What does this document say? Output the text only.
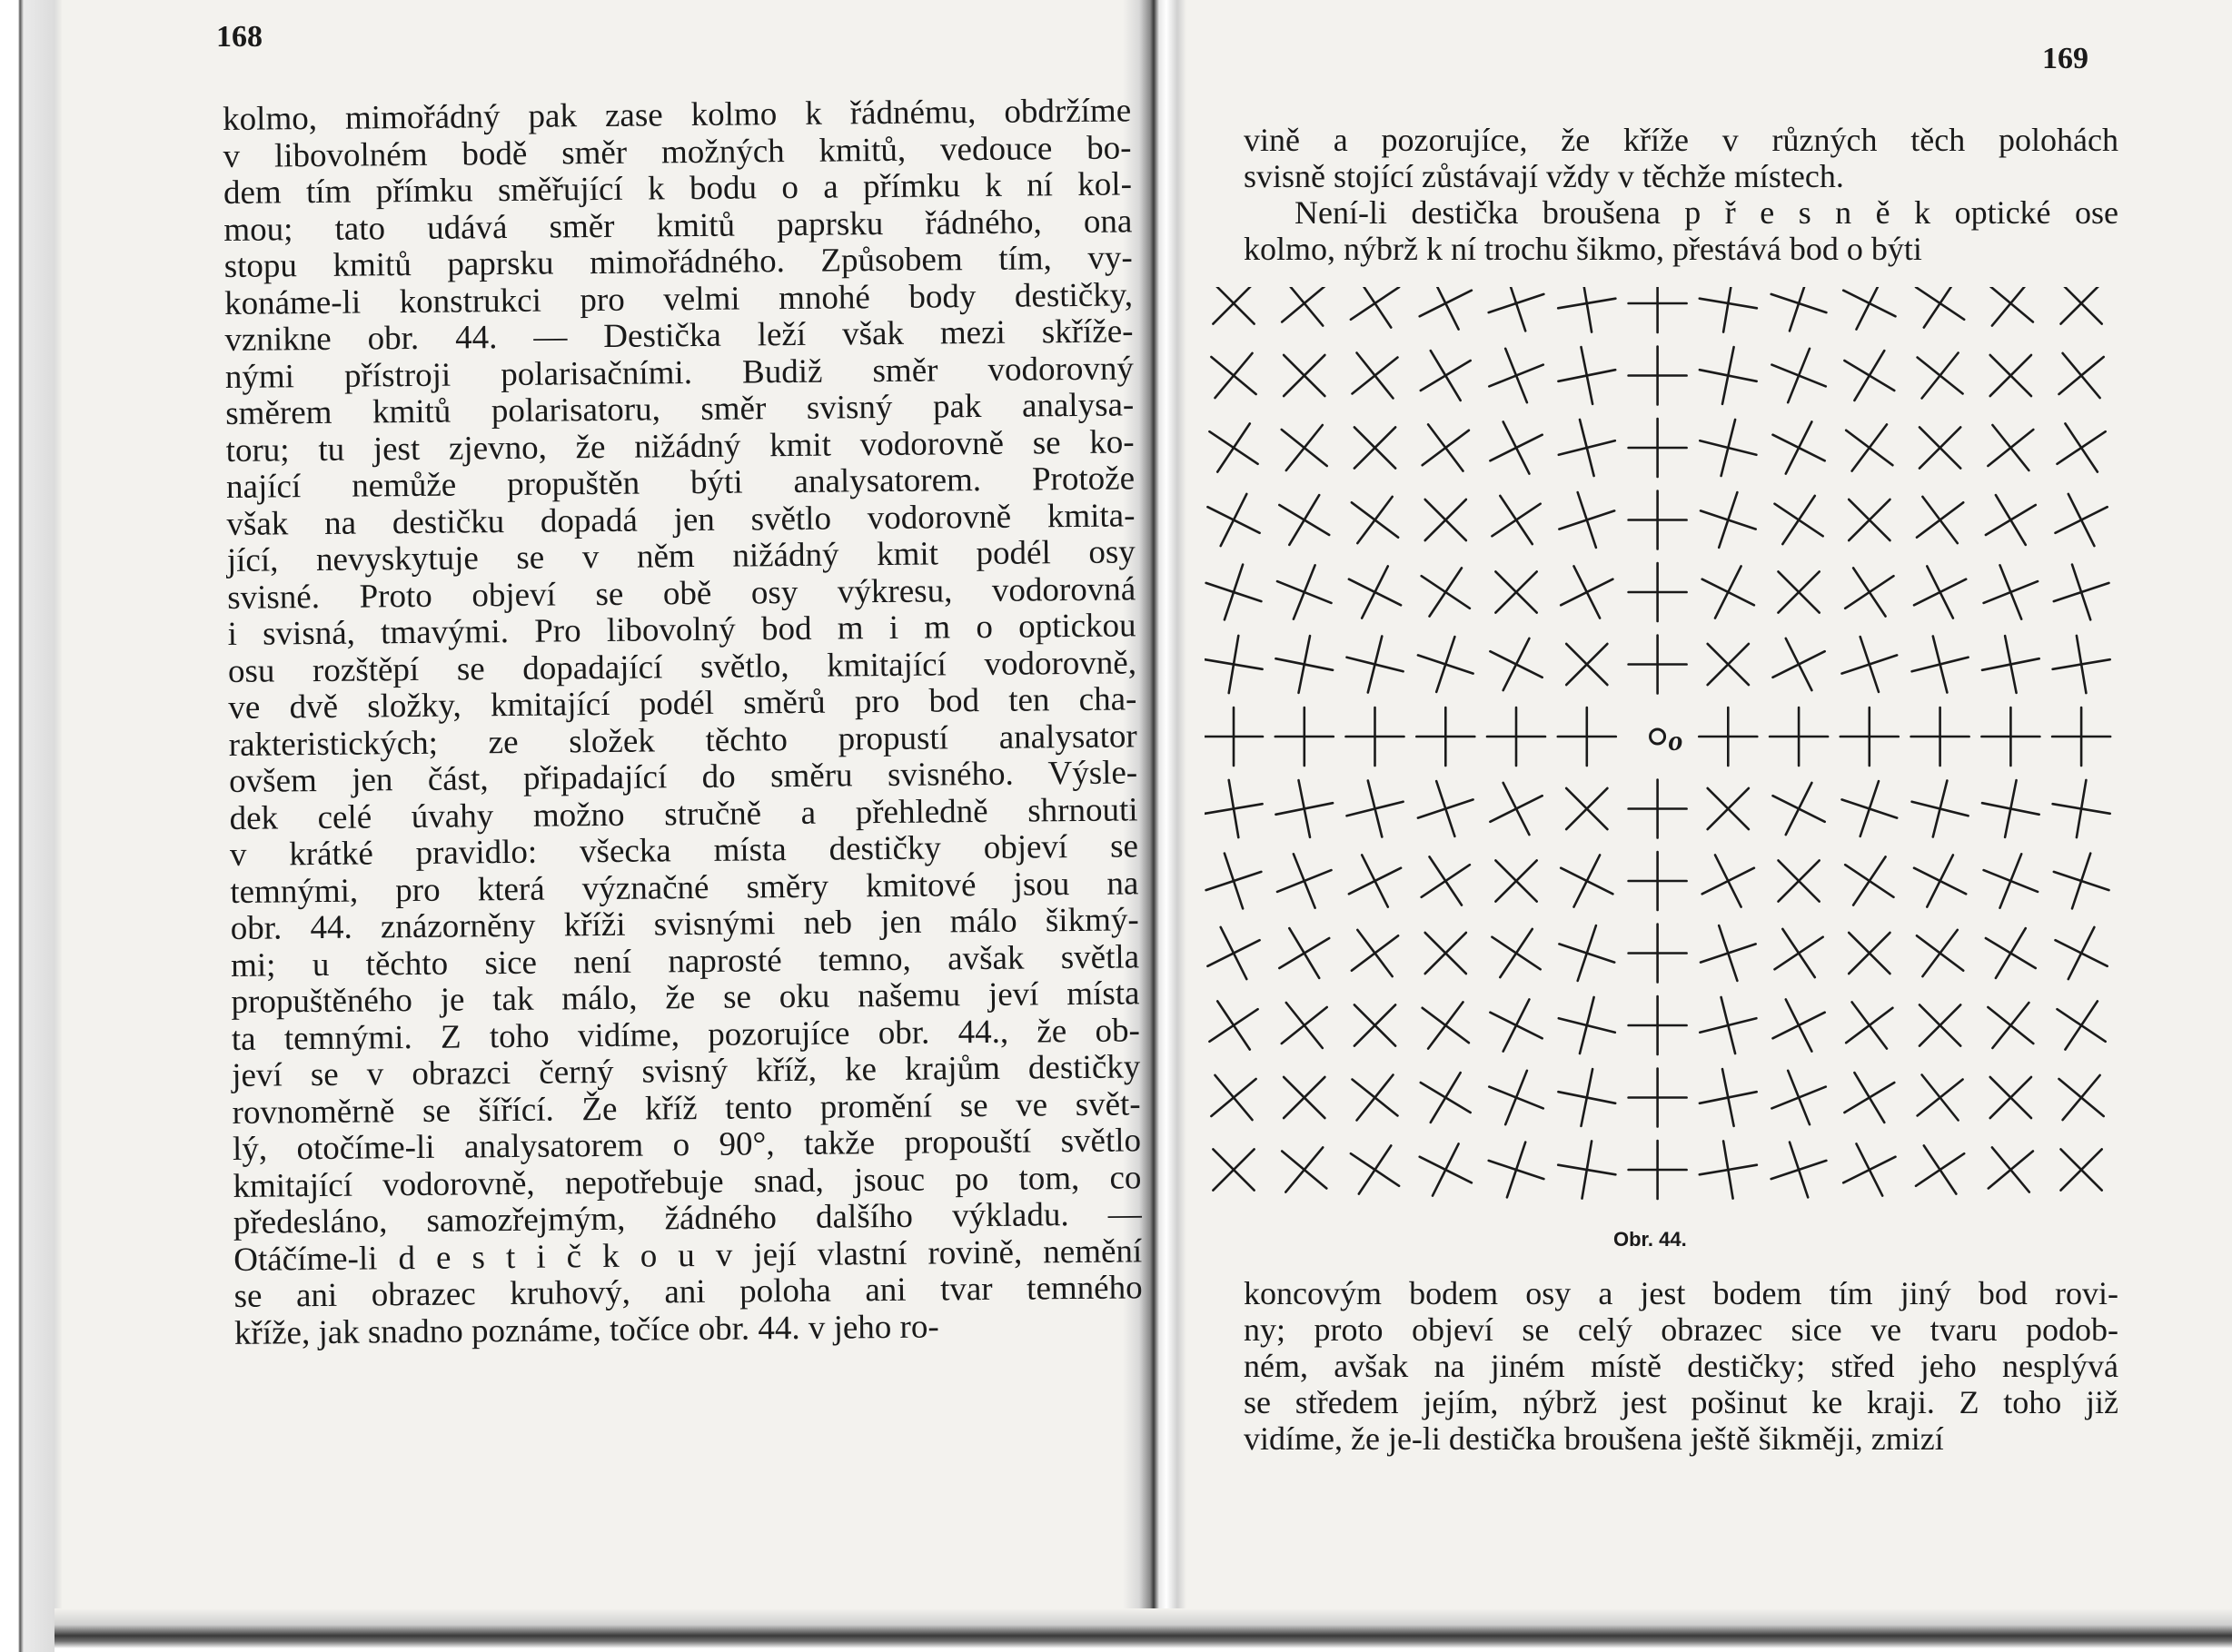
168
kolmo, mimořádný pak zase kolmo k řádnému, obdržíme
v libovolném bodě směr možných kmitů, vedouce bo-
dem tím přímku směřující k bodu o a přímku k ní kol-
mou; tato udává směr kmitů paprsku řádného, ona
stopu kmitů paprsku mimořádného. Způsobem tím, vy-
konáme-li konstrukci pro velmi mnohé body destičky,
vznikne obr. 44. — Destička leží však mezi skříže-
nými přístroji polarisačními. Budiž směr vodorovný
směrem kmitů polarisatoru, směr svisný pak analysa-
toru; tu jest zjevno, že nižádný kmit vodorovně se ko-
nající nemůže propuštěn býti analysatorem. Protože
však na destičku dopadá jen světlo vodorovně kmita-
jící, nevyskytuje se v něm nižádný kmit podél osy
svisné. Proto objeví se obě osy výkresu, vodorovná
i svisná, tmavými. Pro libovolný bod m i m o optickou
osu rozštěpí se dopadající světlo, kmitající vodorovně,
ve dvě složky, kmitající podél směrů pro bod ten cha-
rakteristických; ze složek těchto propustí analysator
ovšem jen část, připadající do směru svisného. Výsle-
dek celé úvahy možno stručně a přehledně shrnouti
v krátké pravidlo: všecka místa destičky objeví se
temnými, pro která význačné směry kmitové jsou na
obr. 44. znázorněny kříži svisnými neb jen málo šikmý-
mi; u těchto sice není naprosté temno, avšak světla
propuštěného je tak málo, že se oku našemu jeví místa
ta temnými. Z toho vidíme, pozorujíce obr. 44., že ob-
jeví se v obrazci černý svisný kříž, ke krajům destičky
rovnoměrně se šířící. Že kříž tento promění se ve svět-
lý, otočíme-li analysatorem o 90°, takže propouští světlo
kmitající vodorovně, nepotřebuje snad, jsouc po tom, co
předesláno, samozřejmým, žádného dalšího výkladu. —
Otáčíme-li d e s t i č k o u v její vlastní rovině, nemění
se ani obrazec kruhový, ani poloha ani tvar temného
kříže, jak snadno poznáme, točíce obr. 44. v jeho ro-
169
vině a pozorujíce, že kříže v různých těch polohách
svisně stojící zůstávají vždy v těchže místech.
Není-li destička broušena p ř e s n ě k optické ose
kolmo, nýbrž k ní trochu šikmo, přestává bod o býti
koncovým bodem osy a jest bodem tím jiný bod rovi-
ny; proto objeví se celý obrazec sice ve tvaru podob-
ném, avšak na jiném místě destičky; střed jeho nesplývá
se středem jejím, nýbrž jest pošinut ke kraji. Z toho již
vidíme, že je-li destička broušena ještě šikměji, zmizí
o
Obr. 44.
